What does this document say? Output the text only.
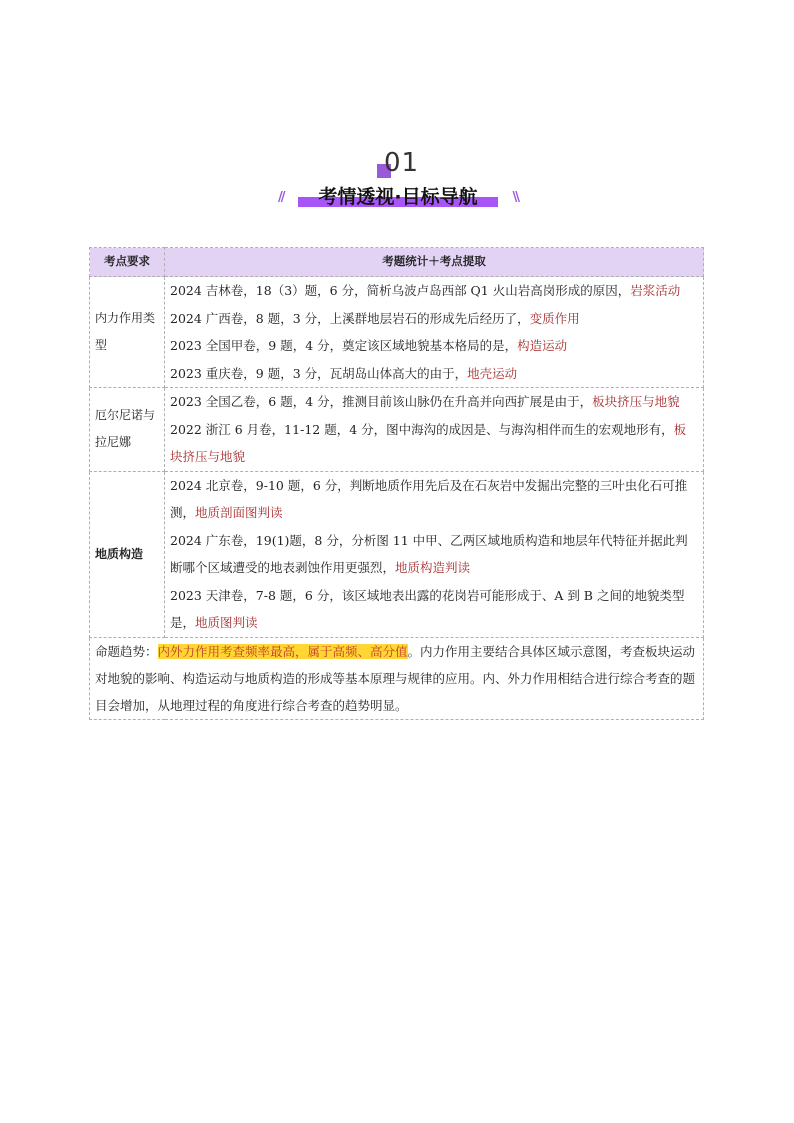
01
//	考情透视·目标导航	\\
考点要求	考题统计＋考点提取
内力作用类型	2024 吉林卷，18（3）题，6 分，简析乌波卢岛西部 Q1 火山岩高岗形成的原因，岩浆活动
2024 广西卷，8 题，3 分，上溪群地层岩石的形成先后经历了，变质作用
2023 全国甲卷，9 题，4 分，奠定该区域地貌基本格局的是，构造运动
2023 重庆卷，9 题，3 分，瓦胡岛山体高大的由于，地壳运动

厄尔尼诺与拉尼娜	2023 全国乙卷，6 题，4 分，推测目前该山脉仍在升高并向西扩展是由于，板块挤压与地貌
2022 浙江 6 月卷，11-12 题，4 分，图中海沟的成因是、与海沟相伴而生的宏观地形有，板块挤压与地貌

地质构造	2024 北京卷，9-10 题，6 分，判断地质作用先后及在石灰岩中发掘出完整的三叶虫化石可推测，地质剖面图判读
2024 广东卷，19(1)题，8 分，分析图 11 中甲、乙两区域地质构造和地层年代特征并据此判断哪个区域遭受的地表剥蚀作用更强烈，地质构造判读
2023 天津卷，7-8 题，6 分，该区域地表出露的花岗岩可能形成于、A 到 B 之间的地貌类型是，地质图判读

命题趋势：内外力作用考查频率最高，属于高频、高分值。内力作用主要结合具体区域示意图，考查板块运动对地貌的影响、构造运动与地质构造的形成等基本原理与规律的应用。内、外力作用相结合进行综合考查的题目会增加，从地理过程的角度进行综合考查的趋势明显。	
